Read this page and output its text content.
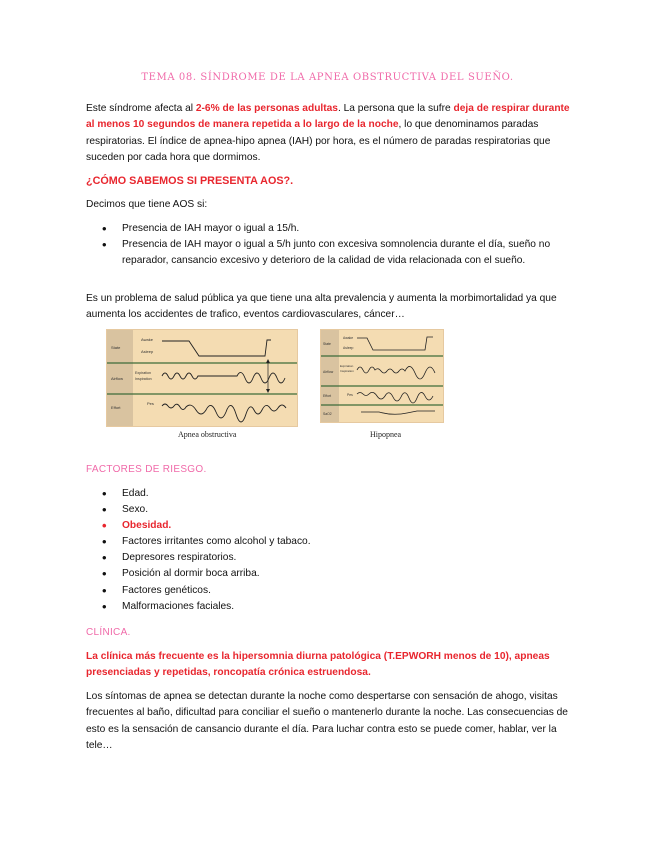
TEMA 08. SÍNDROME DE LA APNEA OBSTRUCTIVA DEL SUEÑO.
Este síndrome afecta al 2-6% de las personas adultas. La persona que la sufre deja de respirar durante al menos 10 segundos de manera repetida a lo largo de la noche, lo que denominamos paradas respiratorias. El índice de apnea-hipo apnea (IAH) por hora, es el número de paradas respiratorias que suceden por cada hora que dormimos.
¿CÓMO SABEMOS SI PRESENTA AOS?.
Decimos que tiene AOS si:
• Presencia de IAH mayor o igual a 15/h.
• Presencia de IAH mayor o igual a 5/h junto con excesiva somnolencia durante el día, sueño no reparador, cansancio excesivo y deterioro de la calidad de vida relacionada con el sueño.
Es un problema de salud pública ya que tiene una alta prevalencia y aumenta la morbimortalidad ya que aumenta los accidentes de trafico, eventos cardiovasculares, cáncer…
State
Airflow
Effort
Awake
Asleep
Expiration
Inspiration
Pes
Apnea obstructiva
State
Airflow
Effort
SaO2
Awake
Asleep
Expiration
Inspiration
Pes
Hipopnea
FACTORES DE RIESGO.
• Edad.
• Sexo.
• Obesidad.
• Factores irritantes como alcohol y tabaco.
• Depresores respiratorios.
• Posición al dormir boca arriba.
• Factores genéticos.
• Malformaciones faciales.
CLÍNICA.
La clínica más frecuente es la hipersomnia diurna patológica (T.EPWORH menos de 10), apneas presenciadas y repetidas, roncopatía crónica estruendosa.
Los síntomas de apnea se detectan durante la noche como despertarse con sensación de ahogo, visitas frecuentes al baño, dificultad para conciliar el sueño o mantenerlo durante la noche. Las consecuencias de esto es la sensación de cansancio durante el día. Para luchar contra esto se puede comer, hablar, ver la tele…
